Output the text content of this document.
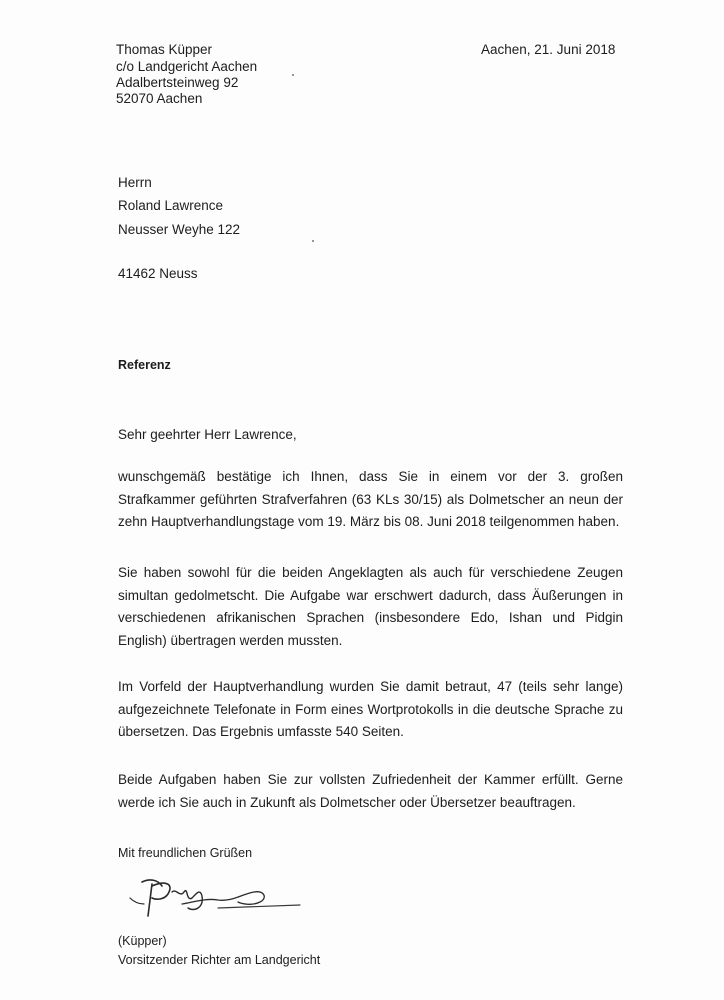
Thomas Küpper
c/o Landgericht Aachen
Adalbertsteinweg 92
52070 Aachen
Aachen, 21. Juni 2018
Herrn
Roland Lawrence
Neusser Weyhe 122
41462 Neuss
Referenz
Sehr geehrter Herr Lawrence,
wunschgemäß bestätige ich Ihnen, dass Sie in einem vor der 3. großen Strafkammer geführten Strafverfahren (63 KLs 30/15) als Dolmetscher an neun der zehn Hauptverhandlungstage vom 19. März bis 08. Juni 2018 teilgenommen haben.
Sie haben sowohl für die beiden Angeklagten als auch für verschiedene Zeugen simultan gedolmetscht. Die Aufgabe war erschwert dadurch, dass Äußerungen in verschiedenen afrikanischen Sprachen (insbesondere Edo, Ishan und Pidgin English) übertragen werden mussten.
Im Vorfeld der Hauptverhandlung wurden Sie damit betraut, 47 (teils sehr lange) aufgezeichnete Telefonate in Form eines Wortprotokolls in die deutsche Sprache zu übersetzen. Das Ergebnis umfasste 540 Seiten.
Beide Aufgaben haben Sie zur vollsten Zufriedenheit der Kammer erfüllt. Gerne werde ich Sie auch in Zukunft als Dolmetscher oder Übersetzer beauftragen.
Mit freundlichen Grüßen
(Küpper)
Vorsitzender Richter am Landgericht
